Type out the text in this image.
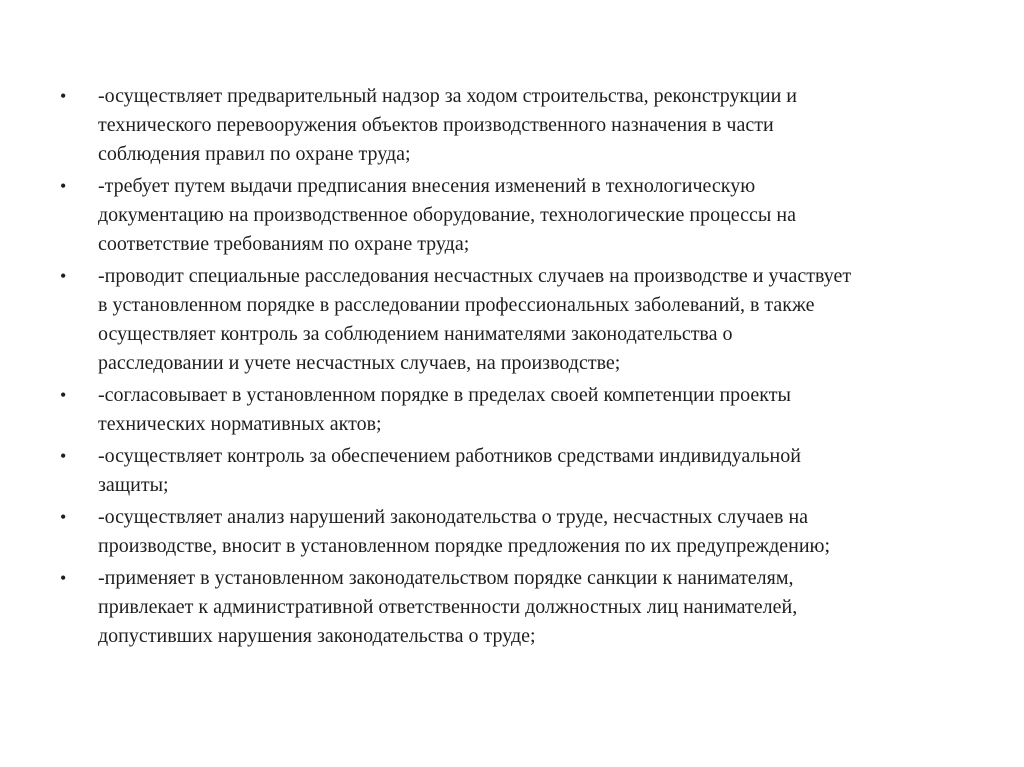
•	-осуществляет предварительный надзор за ходом строительства, реконструкции и
технического перевооружения объектов производственного назначения в части
соблюдения правил по охране труда;
•	-требует путем выдачи предписания внесения изменений в технологическую
документацию на производственное оборудование, технологические процессы на
соответствие требованиям по охране труда;
•	-проводит специальные расследования несчастных случаев на производстве и участвует
в установленном порядке в расследовании профессиональных заболеваний, в также
осуществляет контроль за соблюдением нанимателями законодательства о
расследовании и учете несчастных случаев, на производстве;
•	-согласовывает в установленном порядке в пределах своей компетенции проекты
технических нормативных актов;
•	-осуществляет контроль за обеспечением работников средствами индивидуальной
защиты;
•	-осуществляет анализ нарушений законодательства о труде, несчастных случаев на
производстве, вносит в установленном порядке предложения по их предупреждению;
•	-применяет в установленном законодательством порядке санкции к нанимателям,
привлекает к административной ответственности должностных лиц нанимателей,
допустивших нарушения законодательства о труде;
